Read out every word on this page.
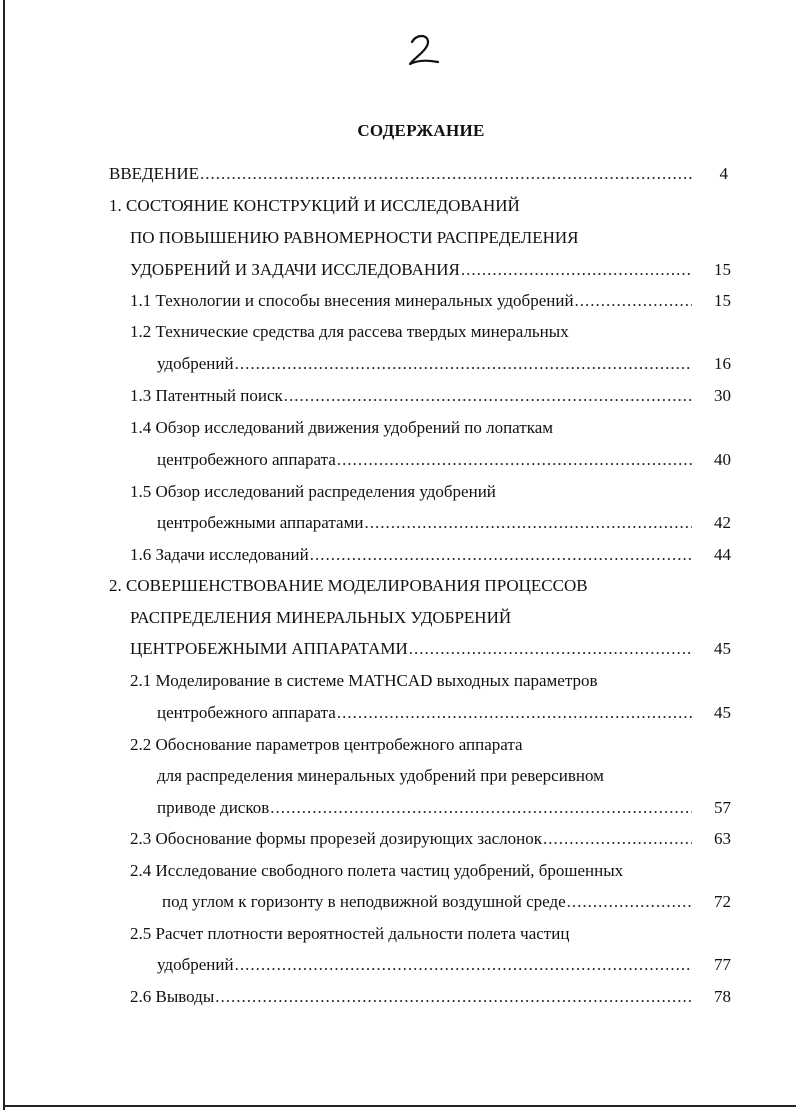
СОДЕРЖАНИЕ
ВВЕДЕНИЕ .....	4
1. СОСТОЯНИЕ КОНСТРУКЦИЙ И ИССЛЕДОВАНИЙ
ПО ПОВЫШЕНИЮ РАВНОМЕРНОСТИ РАСПРЕДЕЛЕНИЯ
УДОБРЕНИЙ И ЗАДАЧИ ИССЛЕДОВАНИЯ .....	15
1.1 Технологии и способы внесения минеральных удобрений .....	15
1.2 Технические средства для рассева твердых минеральных
удобрений .....	16
1.3 Патентный поиск .....	30
1.4 Обзор исследований движения удобрений по лопаткам
центробежного аппарата .....	40
1.5 Обзор исследований распределения удобрений
центробежными аппаратами .....	42
1.6 Задачи исследований .....	44
2. СОВЕРШЕНСТВОВАНИЕ МОДЕЛИРОВАНИЯ ПРОЦЕССОВ
РАСПРЕДЕЛЕНИЯ МИНЕРАЛЬНЫХ УДОБРЕНИЙ
ЦЕНТРОБЕЖНЫМИ АППАРАТАМИ .....	45
2.1 Моделирование в системе MATHCAD выходных параметров
центробежного аппарата .....	45
2.2 Обоснование параметров центробежного аппарата
для распределения минеральных удобрений при реверсивном
приводе дисков .....	57
2.3 Обоснование формы прорезей дозирующих заслонок .....	63
2.4 Исследование свободного полета частиц удобрений, брошенных
под углом к горизонту в неподвижной воздушной среде .....	72
2.5 Расчет плотности вероятностей дальности полета частиц
удобрений .....	77
2.6 Выводы .....	78
